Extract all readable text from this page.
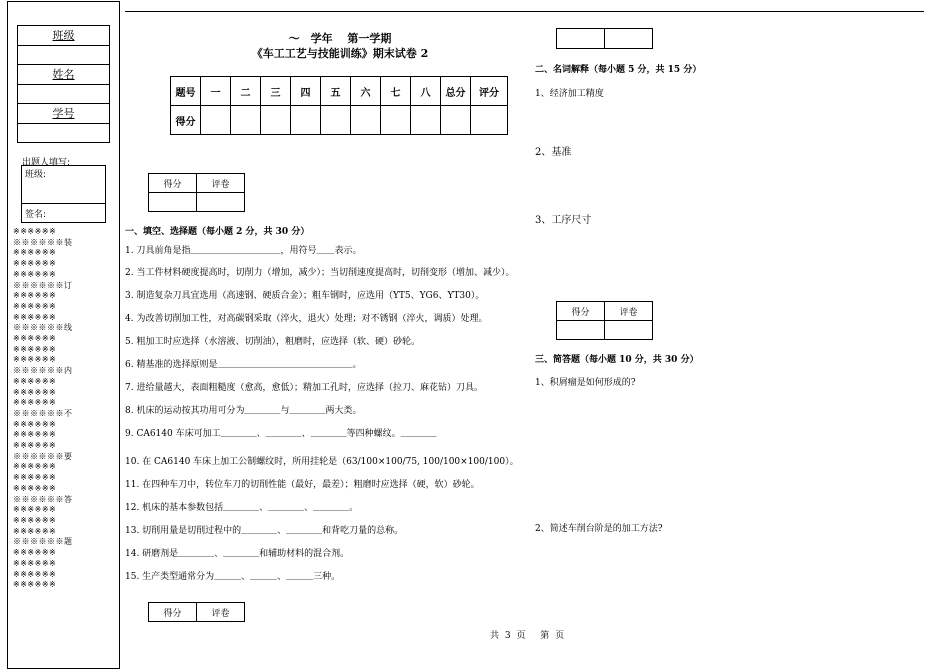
班级
姓名
学号
出题人填写:
班级:
签名:
※※※※※※
※※※※※※装
※※※※※※
※※※※※※
※※※※※※
※※※※※※订
※※※※※※
※※※※※※
※※※※※※
※※※※※※线
※※※※※※
※※※※※※
※※※※※※
※※※※※※内
※※※※※※
※※※※※※
※※※※※※
※※※※※※不
※※※※※※
※※※※※※
※※※※※※
※※※※※※要
※※※※※※
※※※※※※
※※※※※※
※※※※※※答
※※※※※※
※※※※※※
※※※※※※
※※※※※※题
※※※※※※
※※※※※※
※※※※※※
※※※※※※
～　学年　 第一学期
《车工工艺与技能训练》期末试卷 2
题号	一	二	三	四	五	六	七	八	总分	评分
得分										
得分	评卷

一、填空、选择题（每小题 2 分，共 30 分）
1. 刀具前角是指＿＿＿＿＿＿＿＿＿＿，用符号＿＿表示。
2. 当工件材料硬度提高时，切削力（增加，减少）；当切削速度提高时，切削变形（增加、减少）。
3. 制造复杂刀具宜选用（高速钢、硬质合金）；粗车钢时，应选用（YT5、YG6、YT30）。
4. 为改善切削加工性，对高碳钢采取（淬火，退火）处理；对不锈钢（淬火，调质）处理。
5. 粗加工时应选择（水溶液、切削油），粗磨时，应选择（软、硬）砂轮。
6. 精基准的选择原则是＿＿＿＿＿＿＿＿＿＿＿＿＿＿＿。
7. 进给量越大，表面粗糙度（愈高，愈低）；精加工孔时，应选择（拉刀、麻花钻）刀具。
8. 机床的运动按其功用可分为＿＿＿＿与＿＿＿＿两大类。
9. CA6140 车床可加工＿＿＿＿、＿＿＿＿、＿＿＿＿等四种螺纹。＿＿＿＿
10. 在 CA6140 车床上加工公制螺纹时，所用挂轮是（63/100×100/75, 100/100×100/100）。
11. 在四种车刀中，转位车刀的切削性能（最好，最差）；粗磨时应选择（硬，软）砂轮。
12. 机床的基本参数包括＿＿＿＿、＿＿＿＿、＿＿＿＿。
13. 切削用量是切削过程中的＿＿＿＿、＿＿＿＿和背吃刀量的总称。
14. 研磨剂是＿＿＿＿、＿＿＿＿和辅助材料的混合剂。
15. 生产类型通常分为＿＿＿、＿＿＿、＿＿＿三种。
得分	评卷

二、名词解释（每小题 5 分，共 15 分）
1、经济加工精度
2、基准
3、工序尺寸
得分	评卷

三、简答题（每小题 10 分，共 30 分）
1、积屑瘤是如何形成的?
2、简述车削台阶是的加工方法?
共 3 页　 第 页
